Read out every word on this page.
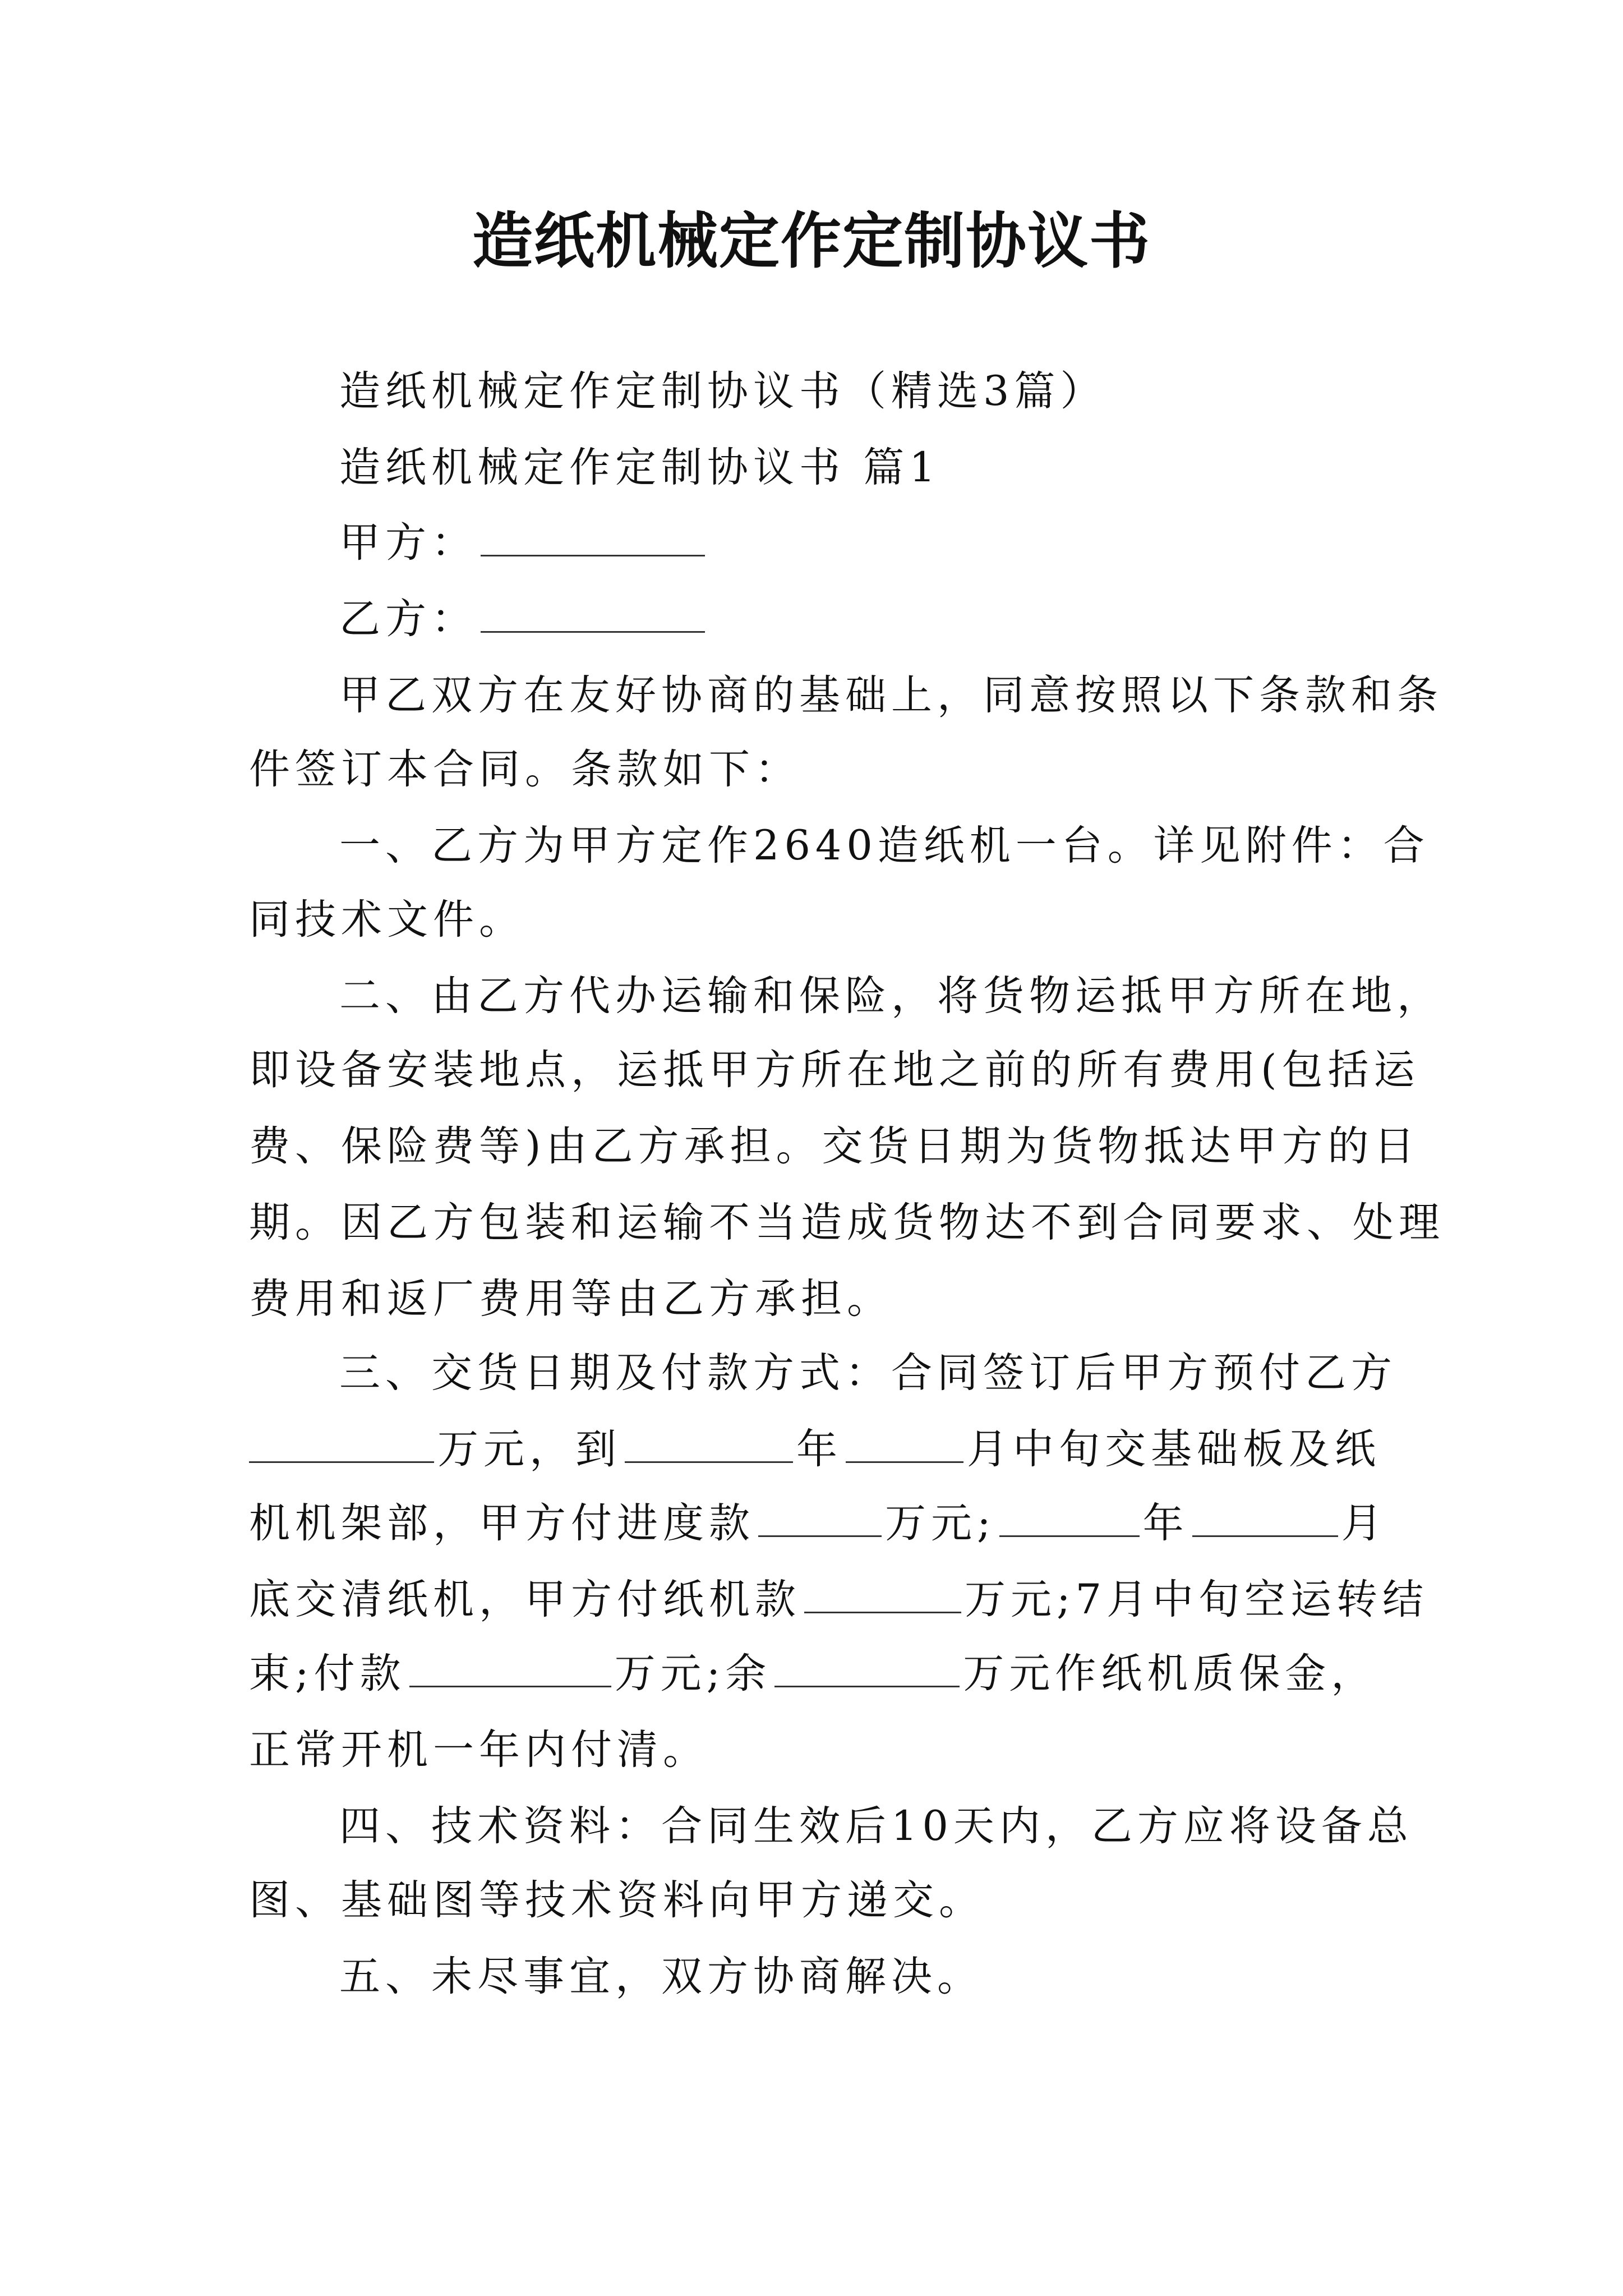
造纸机械定作定制协议书
造纸机械定作定制协议书（精选3篇）
造纸机械定作定制协议书 篇1
甲方：
乙方：
甲乙双方在友好协商的基础上，同意按照以下条款和条
件签订本合同。条款如下：
一、乙方为甲方定作2640造纸机一台。详见附件：合
同技术文件。
二、由乙方代办运输和保险，将货物运抵甲方所在地，
即设备安装地点，运抵甲方所在地之前的所有费用(包括运
费、保险费等)由乙方承担。交货日期为货物抵达甲方的日
期。因乙方包装和运输不当造成货物达不到合同要求、处理
费用和返厂费用等由乙方承担。
三、交货日期及付款方式：合同签订后甲方预付乙方
万元，到	年	月中旬交基础板及纸
机机架部，甲方付进度款	万元;	年	月
底交清纸机，甲方付纸机款	万元;7月中旬空运转结
束;付款	万元;余	万元作纸机质保金，
正常开机一年内付清。
四、技术资料：合同生效后10天内，乙方应将设备总
图、基础图等技术资料向甲方递交。
五、未尽事宜，双方协商解决。
